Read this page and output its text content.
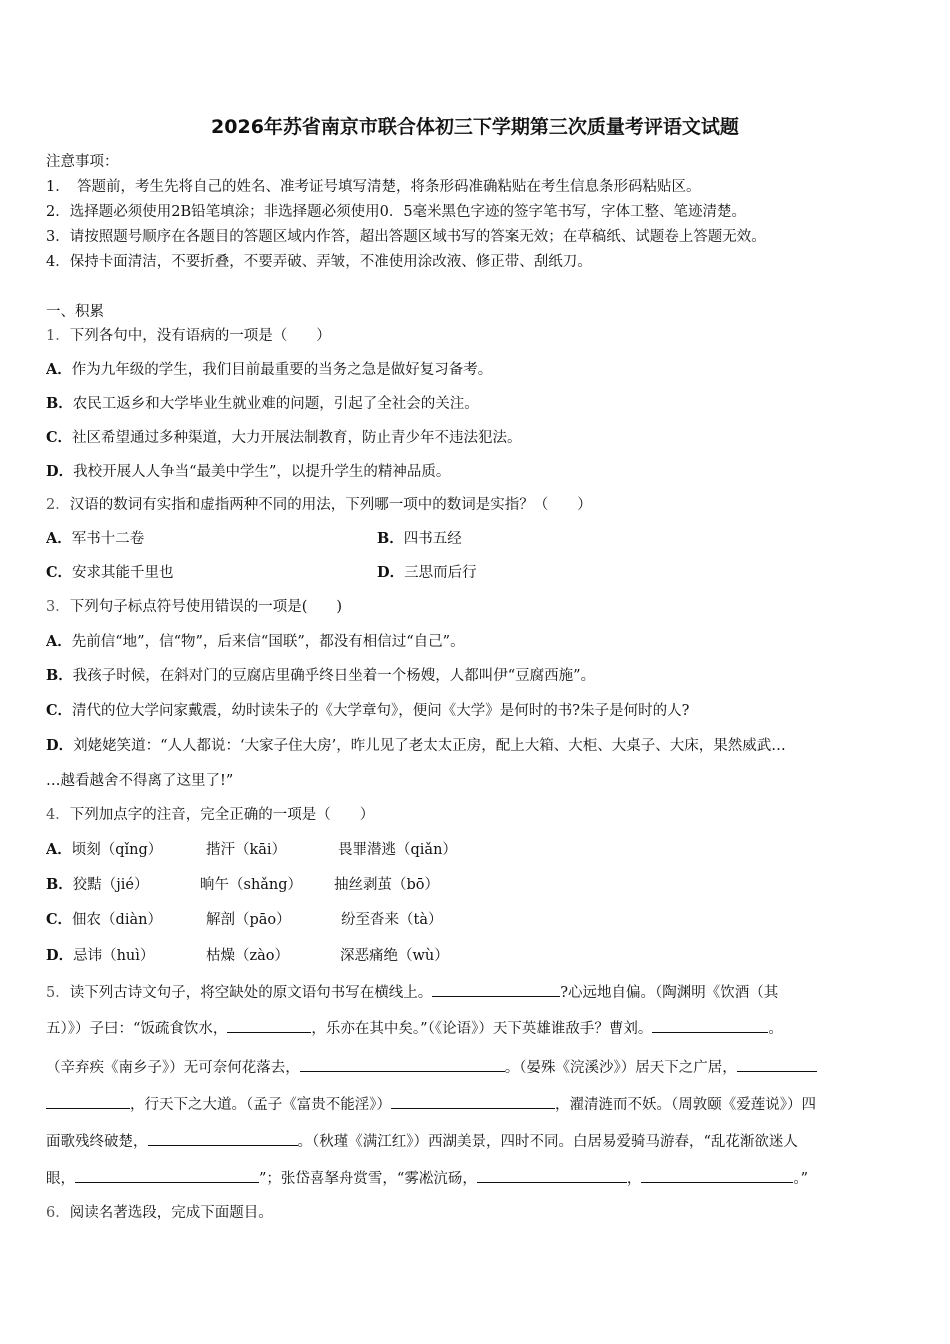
2026年苏省南京市联合体初三下学期第三次质量考评语文试题
注意事项：
1．　答题前，考生先将自己的姓名、准考证号填写清楚，将条形码准确粘贴在考生信息条形码粘贴区。
2．选择题必须使用2B铅笔填涂；非选择题必须使用0．5毫米黑色字迹的签字笔书写，字体工整、笔迹清楚。
3．请按照题号顺序在各题目的答题区域内作答，超出答题区域书写的答案无效；在草稿纸、试题卷上答题无效。
4．保持卡面清洁，不要折叠，不要弄破、弄皱，不准使用涂改液、修正带、刮纸刀。
一、积累
1．下列各句中，没有语病的一项是（　　）
A．作为九年级的学生，我们目前最重要的当务之急是做好复习备考。
B．农民工返乡和大学毕业生就业难的问题，引起了全社会的关注。
C．社区希望通过多种渠道，大力开展法制教育，防止青少年不违法犯法。
D．我校开展人人争当“最美中学生”，以提升学生的精神品质。
2．汉语的数词有实指和虚指两种不同的用法，下列哪一项中的数词是实指？（　　）
A．军书十二卷	B．四书五经
C．安求其能千里也	D．三思而后行
3．下列句子标点符号使用错误的一项是(　　)
A．先前信“地”，信“物”，后来信“国联”，都没有相信过“自己”。
B．我孩子时候，在斜对门的豆腐店里确乎终日坐着一个杨嫂，人都叫伊“豆腐西施”。
C．清代的位大学问家戴震，幼时读朱子的《大学章句》，便问《大学》是何时的书?朱子是何时的人?
D．刘姥姥笑道：“人人都说：‘大家子住大房’，昨儿见了老太太正房，配上大箱、大柜、大桌子、大床，果然威武…
…越看越舍不得离了这里了!”
4．下列加点字的注音，完全正确的一项是（　　）
A．顷刻（qǐng）	揩汗（kāi）	畏罪潜逃（qiǎn）
B．狡黠（jié）	晌午（shǎng） 抽丝剥茧（bō）
C．佃农（diàn）	解剖（pāo）	纷至沓来（tà）
D．忌讳（huì）	枯燥（zào）	深恶痛绝（wù）
5．读下列古诗文句子，将空缺处的原文语句书写在横线上。	?心远地自偏。（陶渊明《饮酒（其
五）》）子曰：“饭疏食饮水，	，乐亦在其中矣。”（《论语》）天下英雄谁敌手？曹刘。	。
（辛弃疾《南乡子》）无可奈何花落去，	。（晏殊《浣溪沙》）居天下之广居，
，行天下之大道。（孟子《富贵不能淫》）	，濯清涟而不妖。（周敦颐《爱莲说》）四
面歌残终破楚，	。（秋瑾《满江红》）西湖美景，四时不同。白居易爱骑马游春，“乱花渐欲迷人
眼，	”；张岱喜拏舟赏雪，“雾凇沆砀，	，	。”
6．阅读名著选段，完成下面题目。
